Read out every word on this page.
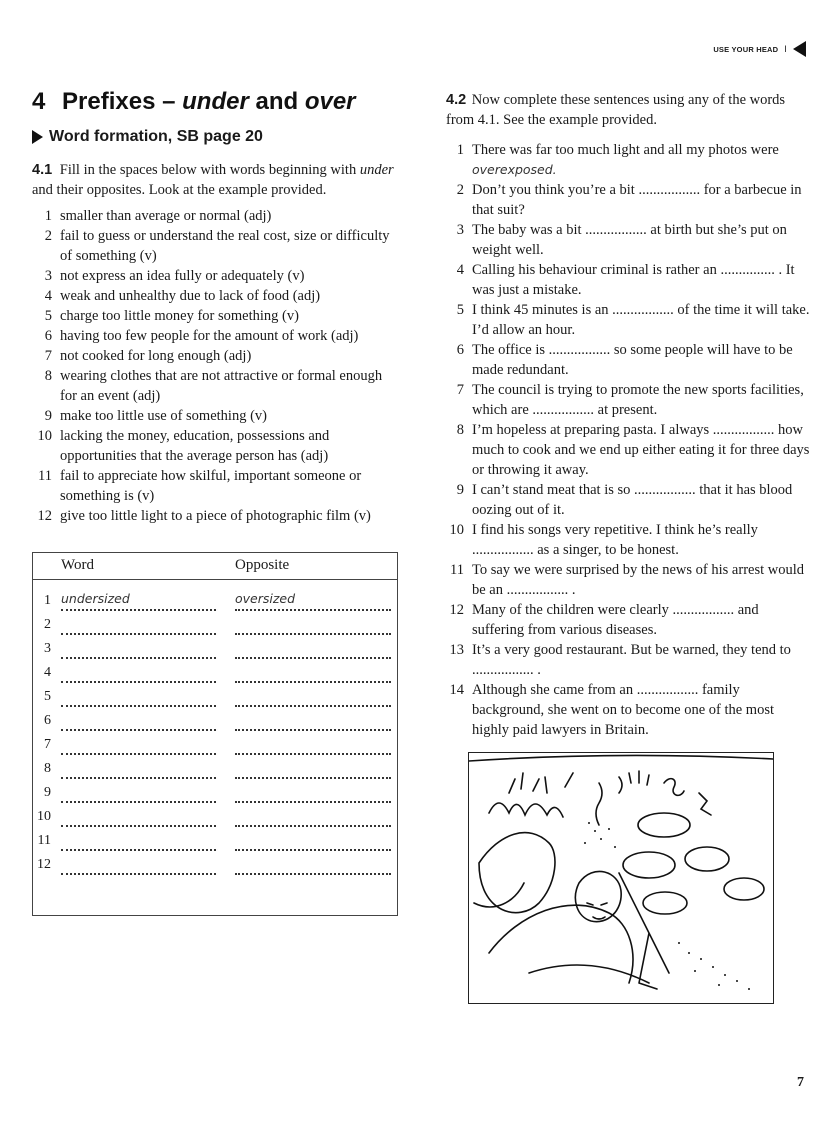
USE YOUR HEAD I
4 Prefixes – under and over
Word formation, SB page 20
4.1 Fill in the spaces below with words beginning with under and their opposites. Look at the example provided.
1 smaller than average or normal (adj)
2 fail to guess or understand the real cost, size or difficulty of something (v)
3 not express an idea fully or adequately (v)
4 weak and unhealthy due to lack of food (adj)
5 charge too little money for something (v)
6 having too few people for the amount of work (adj)
7 not cooked for long enough (adj)
8 wearing clothes that are not attractive or formal enough for an event (adj)
9 make too little use of something (v)
10 lacking the money, education, possessions and opportunities that the average person has (adj)
11 fail to appreciate how skilful, important someone or something is (v)
12 give too little light to a piece of photographic film (v)
Word	Opposite
1 undersized	oversized
2
3
4
5
6
7
8
9
10
11
12

4.2 Now complete these sentences using any of the words from 4.1. See the example provided.

1 There was far too much light and all my photos were
overexposed.
2 Don’t you think you’re a bit ................. for a barbecue in that suit?
3 The baby was a bit ................. at birth but she’s put on weight well.
4 Calling his behaviour criminal is rather an ............... . It was just a mistake.
5 I think 45 minutes is an ................. of the time it will take. I’d allow an hour.
6 The office is ................. so some people will have to be made redundant.
7 The council is trying to promote the new sports facilities, which are ................. at present.
8 I’m hopeless at preparing pasta. I always ................. how much to cook and we end up either eating it for three days or throwing it away.
9 I can’t stand meat that is so ................. that it has blood oozing out of it.
10 I find his songs very repetitive. I think he’s really ................. as a singer, to be honest.
11 To say we were surprised by the news of his arrest would be an ................. .
12 Many of the children were clearly ................. and suffering from various diseases.
13 It’s a very good restaurant. But be warned, they tend to ................. .
14 Although she came from an ................. family background, she went on to become one of the most highly paid lawyers in Britain.
7
